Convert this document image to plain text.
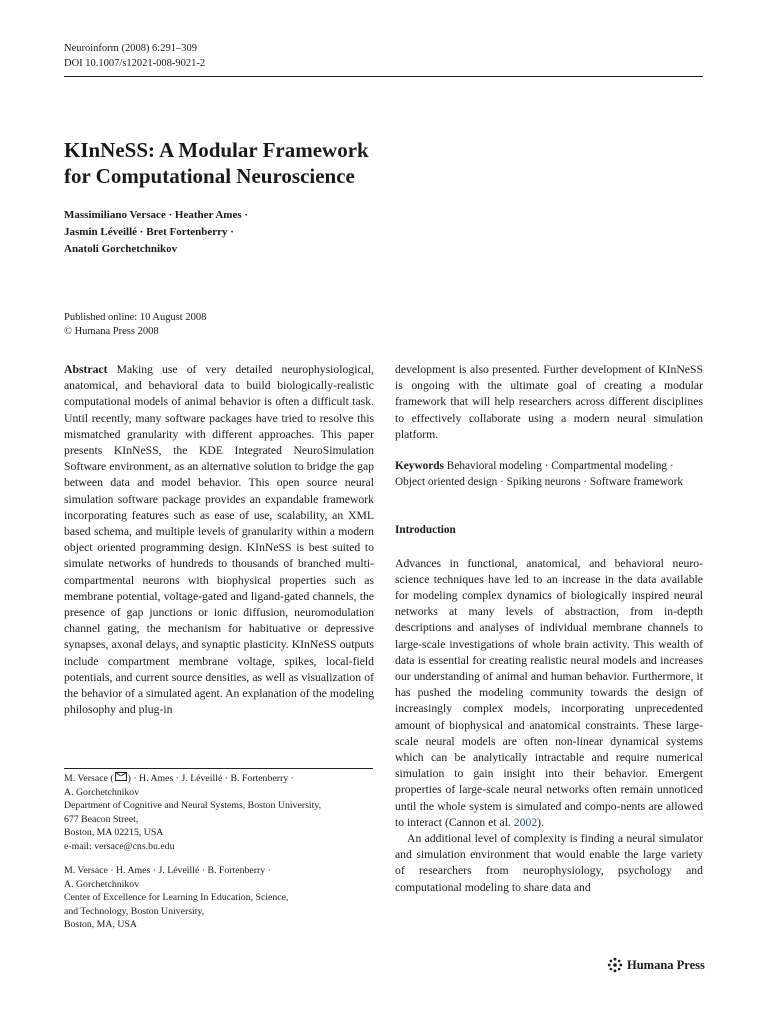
Neuroinform (2008) 6:291–309
DOI 10.1007/s12021-008-9021-2
KInNeSS: A Modular Framework
for Computational Neuroscience
Massimiliano Versace · Heather Ames ·
Jasmin Léveillé · Bret Fortenberry ·
Anatoli Gorchetchnikov
Published online: 10 August 2008
© Humana Press 2008

Abstract Making use of very detailed neurophysiological, anatomical, and behavioral data to build biologically-realistic computational models of animal behavior is often a difficult task. Until recently, many software packages have tried to resolve this mismatched granularity with different approaches. This paper presents KInNeSS, the KDE Integrated NeuroSimulation Software environment, as an alternative solution to bridge the gap between data and model behavior. This open source neural simulation software package provides an expandable framework incorporating features such as ease of use, scalability, an XML based schema, and multiple levels of granularity within a modern object oriented programming design. KInNeSS is best suited to simulate networks of hundreds to thousands of branched multi-compartmental neurons with biophysical properties such as membrane potential, voltage-gated and ligand-gated channels, the presence of gap junctions or ionic diffusion, neuromodulation channel gating, the mechanism for habituative or depressive synapses, axonal delays, and synaptic plasticity. KInNeSS outputs include compartment membrane voltage, spikes, local-field potentials, and current source densities, as well as visualization of the behavior of a simulated agent. An explanation of the modeling philosophy and plug-in

development is also presented. Further development of KInNeSS is ongoing with the ultimate goal of creating a modular framework that will help researchers across different disciplines to effectively collaborate using a modern neural simulation platform.

Keywords Behavioral modeling · Compartmental modeling · Object oriented design · Spiking neurons · Software framework

Introduction

Advances in functional, anatomical, and behavioral neuro-science techniques have led to an increase in the data available for modeling complex dynamics of biologically inspired neural networks at many levels of abstraction, from in-depth descriptions and analyses of individual membrane channels to large-scale investigations of whole brain activity. This wealth of data is essential for creating realistic neural models and increases our understanding of animal and human behavior. Furthermore, it has pushed the modeling community towards the design of increasingly complex models, incorporating unprecedented amount of biophysical and anatomical constraints. These large-scale neural models are often non-linear dynamical systems which can be analytically intractable and require numerical simulation to gain insight into their behavior. Emergent properties of large-scale neural networks often remain unnoticed until the whole system is simulated and compo-nents are allowed to interact (Cannon et al. 2002).

An additional level of complexity is finding a neural simulator and simulation environment that would enable the large variety of researchers from neurophysiology, psychology and computational modeling to share data and

M. Versace ( ) · H. Ames · J. Léveillé · B. Fortenberry ·
A. Gorchetchnikov
Department of Cognitive and Neural Systems, Boston University,
677 Beacon Street,
Boston, MA 02215, USA
e-mail: versace@cns.bu.edu
M. Versace · H. Ames · J. Léveillé · B. Fortenberry ·
A. Gorchetchnikov
Center of Excellence for Learning In Education, Science,
and Technology, Boston University,
Boston, MA, USA
Humana Press
